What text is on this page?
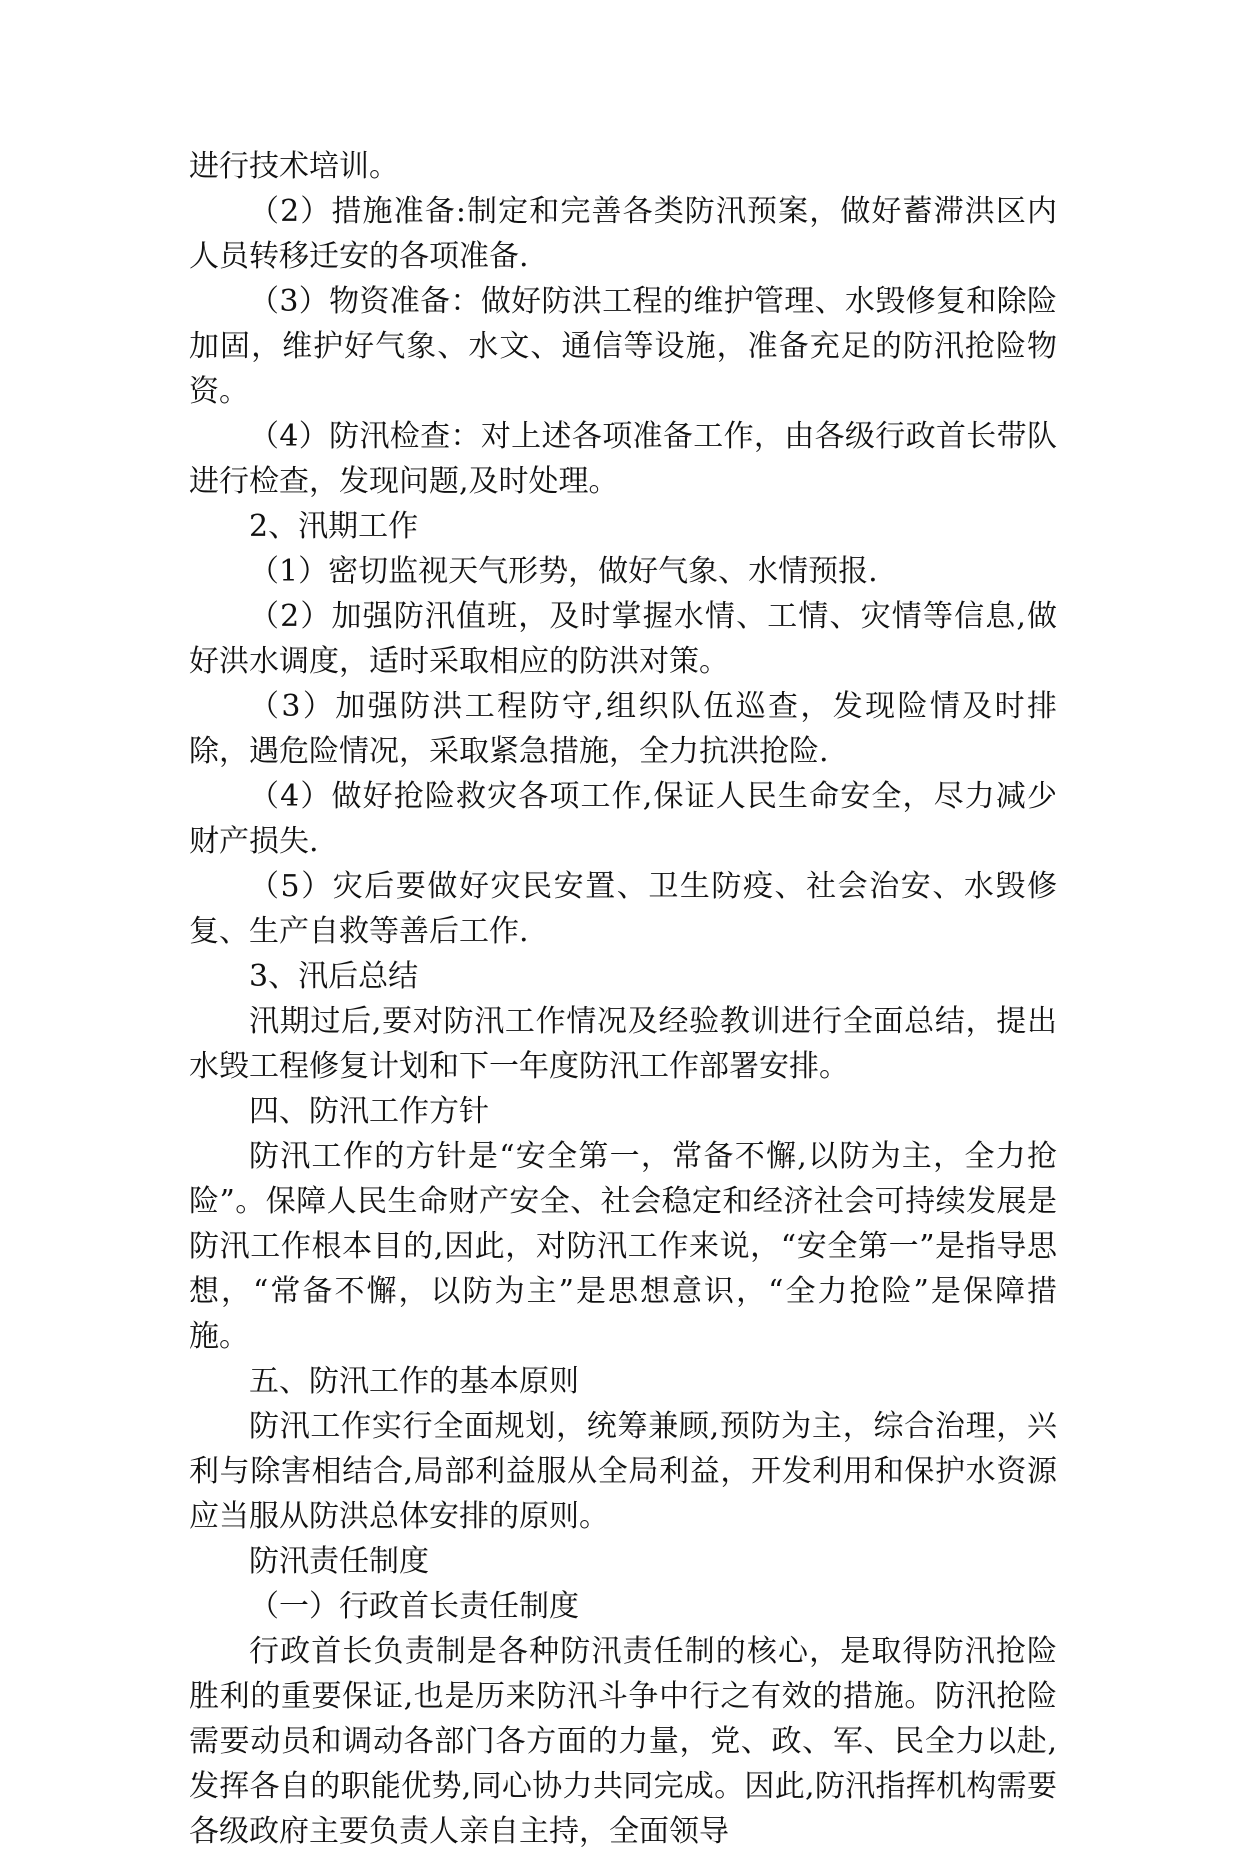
进行技术培训。

（2）措施准备:制定和完善各类防汛预案，做好蓄滞洪区内人员转移迁安的各项准备.

（3）物资准备：做好防洪工程的维护管理、水毁修复和除险加固，维护好气象、水文、通信等设施，准备充足的防汛抢险物资。

（4）防汛检查：对上述各项准备工作，由各级行政首长带队进行检查，发现问题,及时处理。

2、汛期工作

（1）密切监视天气形势，做好气象、水情预报.

（2）加强防汛值班，及时掌握水情、工情、灾情等信息,做好洪水调度，适时采取相应的防洪对策。

（3）加强防洪工程防守,组织队伍巡查，发现险情及时排除，遇危险情况，采取紧急措施，全力抗洪抢险.

（4）做好抢险救灾各项工作,保证人民生命安全，尽力减少财产损失.

（5）灾后要做好灾民安置、卫生防疫、社会治安、水毁修复、生产自救等善后工作.

3、汛后总结

汛期过后,要对防汛工作情况及经验教训进行全面总结，提出水毁工程修复计划和下一年度防汛工作部署安排。

四、防汛工作方针

防汛工作的方针是“安全第一，常备不懈,以防为主，全力抢险”。保障人民生命财产安全、社会稳定和经济社会可持续发展是防汛工作根本目的,因此，对防汛工作来说，“安全第一”是指导思想，“常备不懈，以防为主”是思想意识，“全力抢险”是保障措施。

五、防汛工作的基本原则

防汛工作实行全面规划，统筹兼顾,预防为主，综合治理，兴利与除害相结合,局部利益服从全局利益，开发利用和保护水资源应当服从防洪总体安排的原则。

防汛责任制度

（一）行政首长责任制度

行政首长负责制是各种防汛责任制的核心，是取得防汛抢险胜利的重要保证,也是历来防汛斗争中行之有效的措施。防汛抢险需要动员和调动各部门各方面的力量，党、政、军、民全力以赴,发挥各自的职能优势,同心协力共同完成。因此,防汛指挥机构需要各级政府主要负责人亲自主持，全面领导
